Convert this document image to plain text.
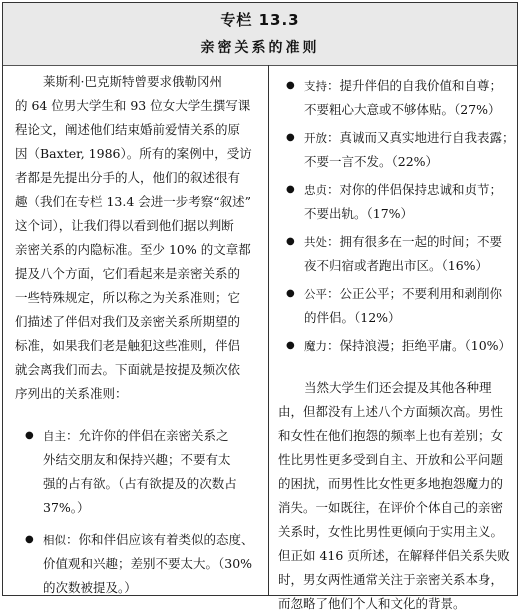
专栏 13.3
亲密关系的准则
莱斯利·巴克斯特曾要求俄勒冈州
的 64 位男大学生和 93 位女大学生撰写课
程论文，阐述他们结束婚前爱情关系的原
因（Baxter, 1986）。所有的案例中，受访
者都是先提出分手的人，他们的叙述很有
趣（我们在专栏 13.4 会进一步考察“叙述”
这个词），让我们得以看到他们据以判断
亲密关系的内隐标准。至少 10% 的文章都
提及八个方面，它们看起来是亲密关系的
一些特殊规定，所以称之为关系准则；它
们描述了伴侣对我们及亲密关系所期望的
标准，如果我们老是触犯这些准则，伴侣
就会离我们而去。下面就是按提及频次依
序列出的关系准则：
● 自主：允许你的伴侣在亲密关系之
外结交朋友和保持兴趣；不要有太
强的占有欲。（占有欲提及的次数占
37%。）
● 相似：你和伴侣应该有着类似的态度、
价值观和兴趣；差别不要太大。（30%
的次数被提及。）
● 支持：提升伴侣的自我价值和自尊；
不要粗心大意或不够体贴。（27%）
● 开放：真诚而又真实地进行自我表露；
不要一言不发。（22%）
● 忠贞：对你的伴侣保持忠诚和贞节；
不要出轨。（17%）
● 共处：拥有很多在一起的时间；不要
夜不归宿或者跑出市区。（16%）
● 公平：公正公平；不要利用和剥削你
的伴侣。（12%）
● 魔力：保持浪漫；拒绝平庸。（10%）
当然大学生们还会提及其他各种理
由，但都没有上述八个方面频次高。男性
和女性在他们抱怨的频率上也有差别；女
性比男性更多受到自主、开放和公平问题
的困扰，而男性比女性更多地抱怨魔力的
消失。一如既往，在评价个体自己的亲密
关系时，女性比男性更倾向于实用主义。
但正如 416 页所述，在解释伴侣关系失败
时，男女两性通常关注于亲密关系本身，
而忽略了他们个人和文化的背景。
